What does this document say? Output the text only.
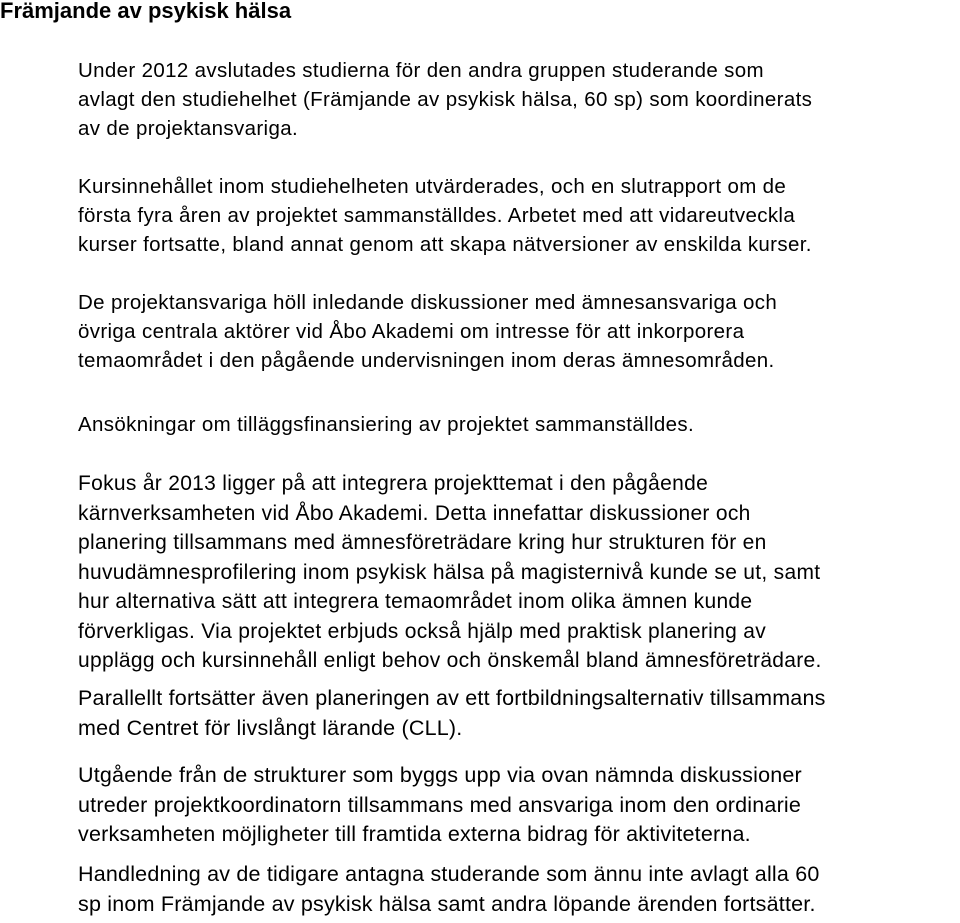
Främjande av psykisk hälsa

Under 2012 avslutades studierna för den andra gruppen studerande som
avlagt den studiehelhet (Främjande av psykisk hälsa, 60 sp) som koordinerats
av de projektansvariga.

Kursinnehållet inom studiehelheten utvärderades, och en slutrapport om de
första fyra åren av projektet sammanställdes. Arbetet med att vidareutveckla
kurser fortsatte, bland annat genom att skapa nätversioner av enskilda kurser.

De projektansvariga höll inledande diskussioner med ämnesansvariga och
övriga centrala aktörer vid Åbo Akademi om intresse för att inkorporera
temaområdet i den pågående undervisningen inom deras ämnesområden.

Ansökningar om tilläggsfinansiering av projektet sammanställdes.

Fokus år 2013 ligger på att integrera projekttemat i den pågående
kärnverksamheten vid Åbo Akademi. Detta innefattar diskussioner och
planering tillsammans med ämnesföreträdare kring hur strukturen för en
huvudämnesprofilering inom psykisk hälsa på magisternivå kunde se ut, samt
hur alternativa sätt att integrera temaområdet inom olika ämnen kunde
förverkligas. Via projektet erbjuds också hjälp med praktisk planering av
upplägg och kursinnehåll enligt behov och önskemål bland ämnesföreträdare.

Parallellt fortsätter även planeringen av ett fortbildningsalternativ tillsammans
med Centret för livslångt lärande (CLL).

Utgående från de strukturer som byggs upp via ovan nämnda diskussioner
utreder projektkoordinatorn tillsammans med ansvariga inom den ordinarie
verksamheten möjligheter till framtida externa bidrag för aktiviteterna.

Handledning av de tidigare antagna studerande som ännu inte avlagt alla 60
sp inom Främjande av psykisk hälsa samt andra löpande ärenden fortsätter.
